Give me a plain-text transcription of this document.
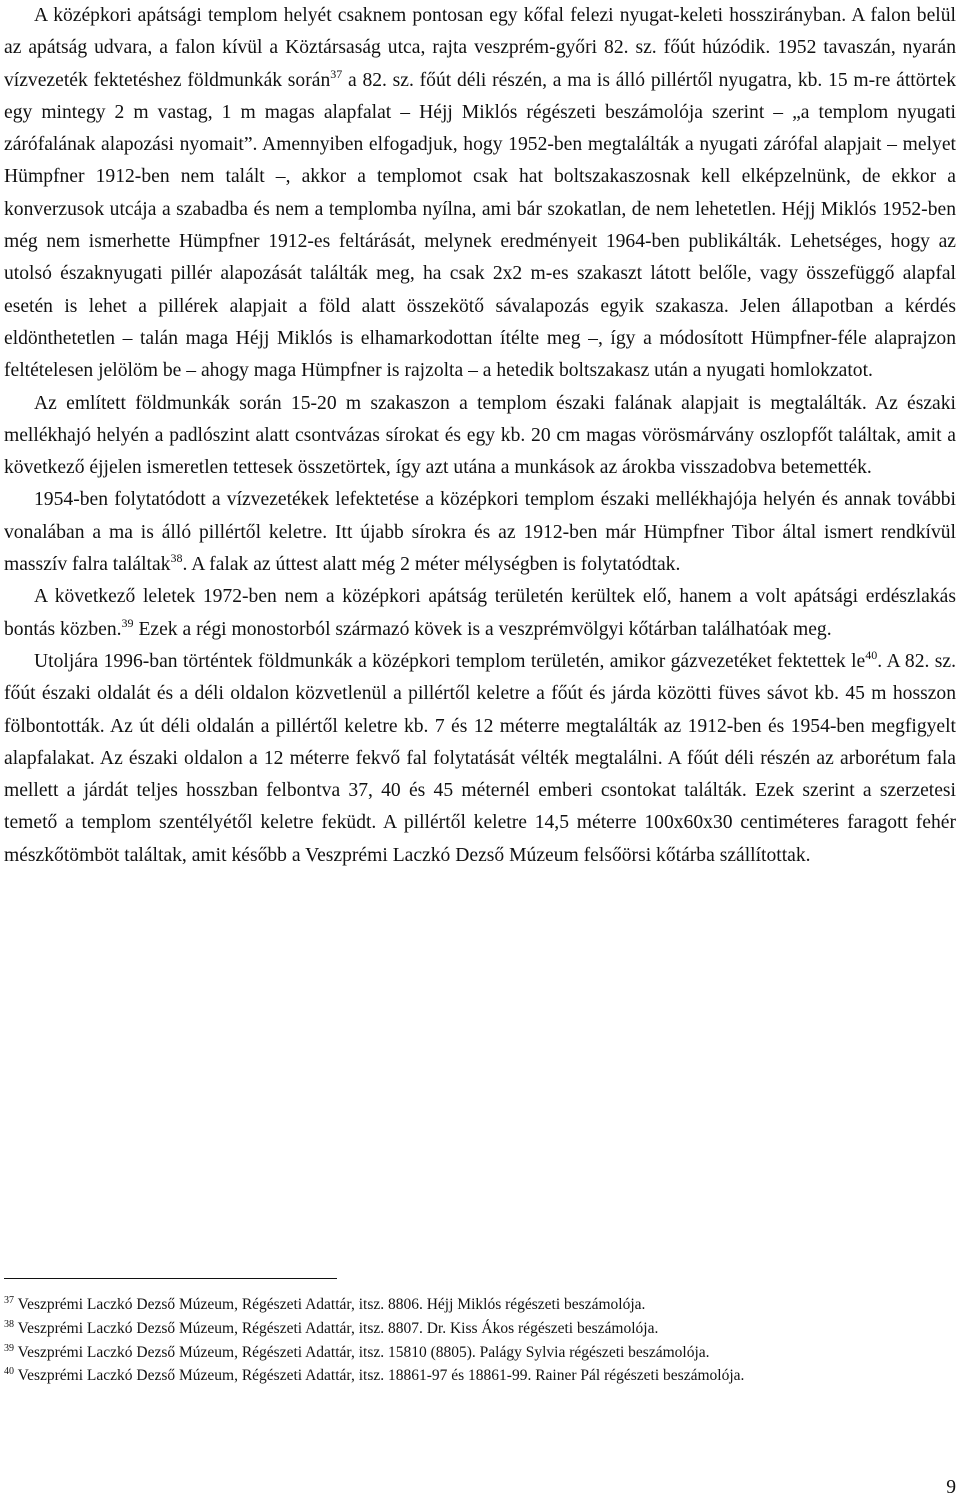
A középkori apátsági templom helyét csaknem pontosan egy kőfal felezi nyugat-keleti hosszirányban. A falon belül az apátság udvara, a falon kívül a Köztársaság utca, rajta veszprém-győri 82. sz. főút húzódik. 1952 tavaszán, nyarán vízvezeték fektetéshez földmunkák során$^{37}$ a 82. sz. főút déli részén, a ma is álló pillértől nyugatra, kb. 15 m-re áttörtek egy mintegy 2 m vastag, 1 m magas alapfalat – Héjj Miklós régészeti beszámolója szerint – „a templom nyugati zárófalának alapozási nyomait”. Amennyiben elfogadjuk, hogy 1952-ben megtalálták a nyugati zárófal alapjait – melyet Hümpfner 1912-ben nem talált –, akkor a templomot csak hat boltszakaszosnak kell elképzelnünk, de ekkor a konverzusok utcája a szabadba és nem a templomba nyílna, ami bár szokatlan, de nem lehetetlen. Héjj Miklós 1952-ben még nem ismerhette Hümpfner 1912-es feltárását, melynek eredményeit 1964-ben publikálták. Lehetséges, hogy az utolsó északnyugati pillér alapozását találták meg, ha csak 2x2 m-es szakaszt látott belőle, vagy összefüggő alapfal esetén is lehet a pillérek alapjait a föld alatt összekötő sávalapozás egyik szakasza. Jelen állapotban a kérdés eldönthetetlen – talán maga Héjj Miklós is elhamarkodottan ítélte meg –, így a módosított Hümpfner-féle alaprajzon feltételesen jelölöm be – ahogy maga Hümpfner is rajzolta – a hetedik boltszakasz után a nyugati homlokzatot.

Az említett földmunkák során 15-20 m szakaszon a templom északi falának alapjait is megtalálták. Az északi mellékhajó helyén a padlószint alatt csontvázas sírokat és egy kb. 20 cm magas vörösmárvány oszlopfőt találtak, amit a következő éjjelen ismeretlen tettesek összetörtek, így azt utána a munkások az árokba visszadobva betemették.

1954-ben folytatódott a vízvezetékek lefektetése a középkori templom északi mellékhajója helyén és annak további vonalában a ma is álló pillértől keletre. Itt újabb sírokra és az 1912-ben már Hümpfner Tibor által ismert rendkívül masszív falra találtak$^{38}$. A falak az úttest alatt még 2 méter mélységben is folytatódtak.

A következő leletek 1972-ben nem a középkori apátság területén kerültek elő, hanem a volt apátsági erdészlakás bontás közben.$^{39}$ Ezek a régi monostorból származó kövek is a veszprémvölgyi kőtárban találhatóak meg.

Utoljára 1996-ban történtek földmunkák a középkori templom területén, amikor gázvezetéket fektettek $le^{40}$. A 82. sz. főút északi oldalát és a déli oldalon közvetlenül a pillértől keletre a főút és járda közötti füves sávot kb. 45 m hosszon fölbontották. Az út déli oldalán a pillértől keletre kb. 7 és 12 méterre megtalálták az 1912-ben és 1954-ben megfigyelt alapfalakat. Az északi oldalon a 12 méterre fekvő fal folytatását vélték megtalálni. A főút déli részén az arborétum fala mellett a járdát teljes hosszban felbontva 37, 40 és 45 méternél emberi csontokat találták. Ezek szerint a szerzetesi temető a templom szentélyétől keletre feküdt. A pillértől keletre 14,5 méterre 100x60x30 centiméteres faragott fehér mészkőtömböt találtak, amit később a Veszprémi Laczkó Dezső Múzeum felsőörsi kőtárba szállítottak.

$^{37}$ Veszprémi Laczkó Dezső Múzeum, Régészeti Adattár, itsz. 8806. Héjj Miklós régészeti beszámolója.

$^{38}$ Veszprémi Laczkó Dezső Múzeum, Régészeti Adattár, itsz. 8807. Dr. Kiss Ákos régészeti beszámolója.

$^{39}$ Veszprémi Laczkó Dezső Múzeum, Régészeti Adattár, itsz. 15810 (8805). Palágy Sylvia régészeti beszámolója.

$^{40}$ Veszprémi Laczkó Dezső Múzeum, Régészeti Adattár, itsz. 18861-97 és 18861-99. Rainer Pál régészeti beszámolója.

9
